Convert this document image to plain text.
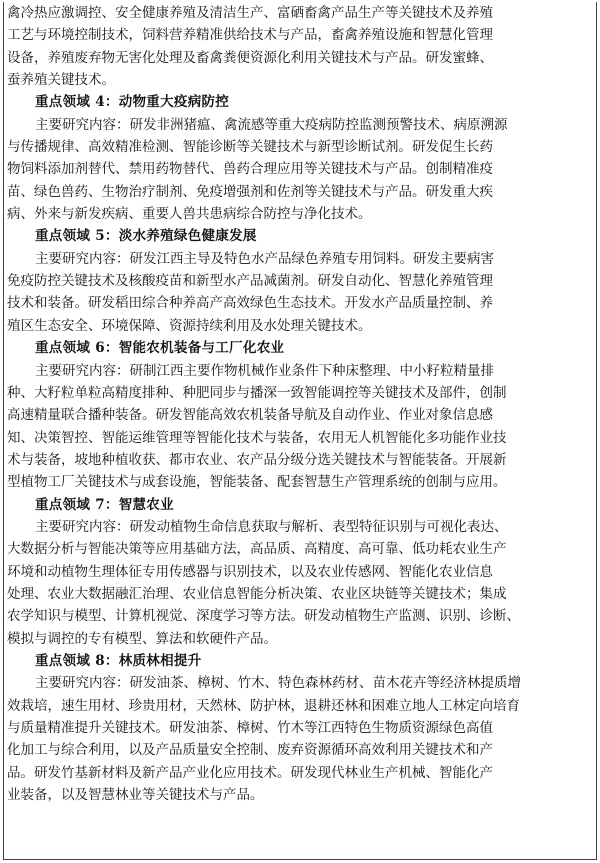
禽冷热应激调控、安全健康养殖及清洁生产、富硒畜禽产品生产等关键技术及养殖
工艺与环境控制技术，饲料营养精准供给技术与产品，畜禽养殖设施和智慧化管理
设备，养殖废弃物无害化处理及畜禽粪便资源化利用关键技术与产品。研发蜜蜂、
蚕养殖关键技术。
重点领域 4：动物重大疫病防控
主要研究内容：研发非洲猪瘟、禽流感等重大疫病防控监测预警技术、病原溯源
与传播规律、高效精准检测、智能诊断等关键技术与新型诊断试剂。研发促生长药
物饲料添加剂替代、禁用药物替代、兽药合理应用等关键技术与产品。创制精准疫
苗、绿色兽药、生物治疗制剂、免疫增强剂和佐剂等关键技术与产品。研发重大疾
病、外来与新发疾病、重要人兽共患病综合防控与净化技术。
重点领域 5：淡水养殖绿色健康发展
主要研究内容：研发江西主导及特色水产品绿色养殖专用饲料。研发主要病害
免疫防控关键技术及核酸疫苗和新型水产品减菌剂。研发自动化、智慧化养殖管理
技术和装备。研发稻田综合种养高产高效绿色生态技术。开发水产品质量控制、养
殖区生态安全、环境保障、资源持续利用及水处理关键技术。
重点领域 6：智能农机装备与工厂化农业
主要研究内容：研制江西主要作物机械作业条件下种床整理、中小籽粒精量排
种、大籽粒单粒高精度排种、种肥同步与播深一致智能调控等关键技术及部件，创制
高速精量联合播种装备。研发智能高效农机装备导航及自动作业、作业对象信息感
知、决策智控、智能运维管理等智能化技术与装备，农用无人机智能化多功能作业技
术与装备，坡地种植收获、都市农业、农产品分级分选关键技术与智能装备。开展新
型植物工厂关键技术与成套设施，智能装备、配套智慧生产管理系统的创制与应用。
重点领域 7：智慧农业
主要研究内容：研发动植物生命信息获取与解析、表型特征识别与可视化表达、
大数据分析与智能决策等应用基础方法，高品质、高精度、高可靠、低功耗农业生产
环境和动植物生理体征专用传感器与识别技术，以及农业传感网、智能化农业信息
处理、农业大数据融汇治理、农业信息智能分析决策、农业区块链等关键技术；集成
农学知识与模型、计算机视觉、深度学习等方法。研发动植物生产监测、识别、诊断、
模拟与调控的专有模型、算法和软硬件产品。
重点领域 8：林质林相提升
主要研究内容：研发油茶、樟树、竹木、特色森林药材、苗木花卉等经济林提质增
效栽培，速生用材、珍贵用材，天然林、防护林，退耕还林和困难立地人工林定向培育
与质量精准提升关键技术。研发油茶、樟树、竹木等江西特色生物质资源绿色高值
化加工与综合利用，以及产品质量安全控制、废弃资源循环高效利用关键技术和产
品。研发竹基新材料及新产品产业化应用技术。研发现代林业生产机械、智能化产
业装备，以及智慧林业等关键技术与产品。
